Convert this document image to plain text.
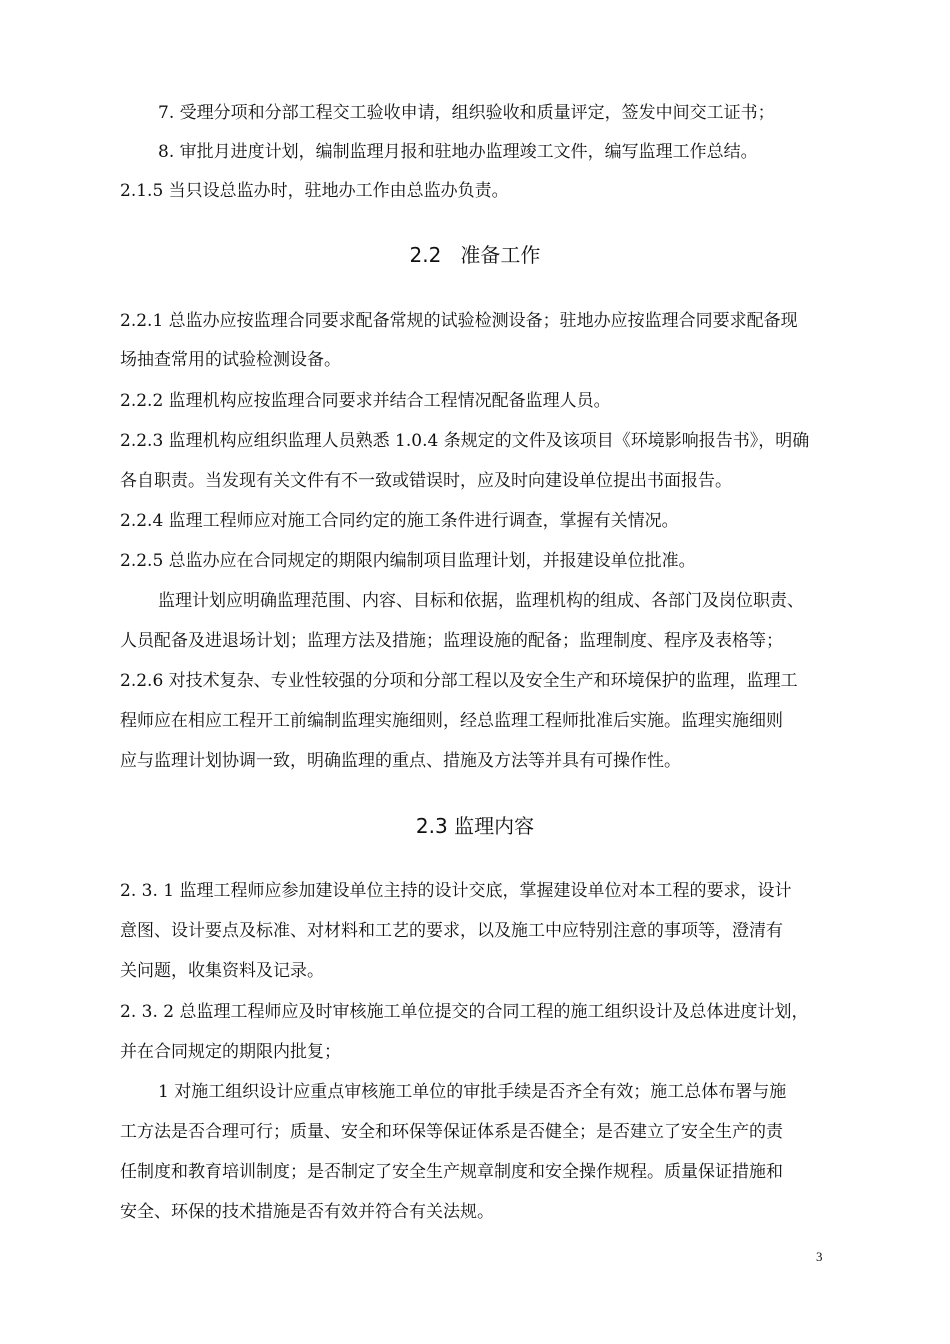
7. 受理分项和分部工程交工验收申请，组织验收和质量评定，签发中间交工证书；
8. 审批月进度计划，编制监理月报和驻地办监理竣工文件，编写监理工作总结。
2.1.5 当只设总监办时，驻地办工作由总监办负责。
2.2   准备工作
2.2.1 总监办应按监理合同要求配备常规的试验检测设备；驻地办应按监理合同要求配备现
场抽查常用的试验检测设备。
2.2.2 监理机构应按监理合同要求并结合工程情况配备监理人员。
2.2.3 监理机构应组织监理人员熟悉 1.0.4 条规定的文件及该项目《环境影响报告书》，明确
各自职责。当发现有关文件有不一致或错误时，应及时向建设单位提出书面报告。
2.2.4 监理工程师应对施工合同约定的施工条件进行调查，掌握有关情况。
2.2.5 总监办应在合同规定的期限内编制项目监理计划，并报建设单位批准。
监理计划应明确监理范围、内容、目标和依据，监理机构的组成、各部门及岗位职责、
人员配备及进退场计划；监理方法及措施；监理设施的配备；监理制度、程序及表格等；
2.2.6 对技术复杂、专业性较强的分项和分部工程以及安全生产和环境保护的监理，监理工
程师应在相应工程开工前编制监理实施细则，经总监理工程师批准后实施。监理实施细则
应与监理计划协调一致，明确监理的重点、措施及方法等并具有可操作性。
2.3 监理内容
2. 3. 1 监理工程师应参加建设单位主持的设计交底，掌握建设单位对本工程的要求，设计
意图、设计要点及标准、对材料和工艺的要求，以及施工中应特别注意的事项等，澄清有
关问题，收集资料及记录。
2. 3. 2 总监理工程师应及时审核施工单位提交的合同工程的施工组织设计及总体进度计划，
并在合同规定的期限内批复；
1 对施工组织设计应重点审核施工单位的审批手续是否齐全有效；施工总体布署与施
工方法是否合理可行；质量、安全和环保等保证体系是否健全；是否建立了安全生产的责
任制度和教育培训制度；是否制定了安全生产规章制度和安全操作规程。质量保证措施和
安全、环保的技术措施是否有效并符合有关法规。
3
